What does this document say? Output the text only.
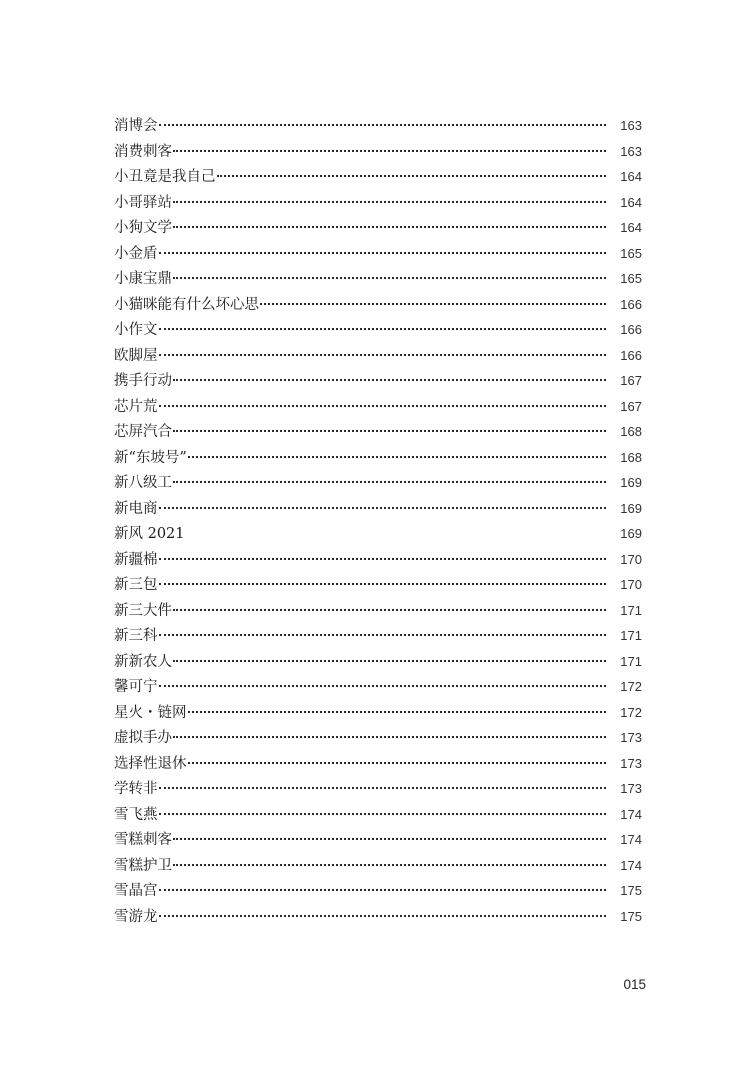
消博会	163
消费刺客	163
小丑竟是我自己	164
小哥驿站	164
小狗文学	164
小金盾	165
小康宝鼎	165
小猫咪能有什么坏心思	166
小作文	166
欧脚屋	166
携手行动	167
芯片荒	167
芯屏汽合	168
新“东坡号”	168
新八级工	169
新电商	169
新风 2021	169
新疆棉	170
新三包	170
新三大件	171
新三科	171
新新农人	171
馨可宁	172
星火・链网	172
虚拟手办	173
选择性退休	173
学转非	173
雪飞燕	174
雪糕刺客	174
雪糕护卫	174
雪晶宫	175
雪游龙	175
015
